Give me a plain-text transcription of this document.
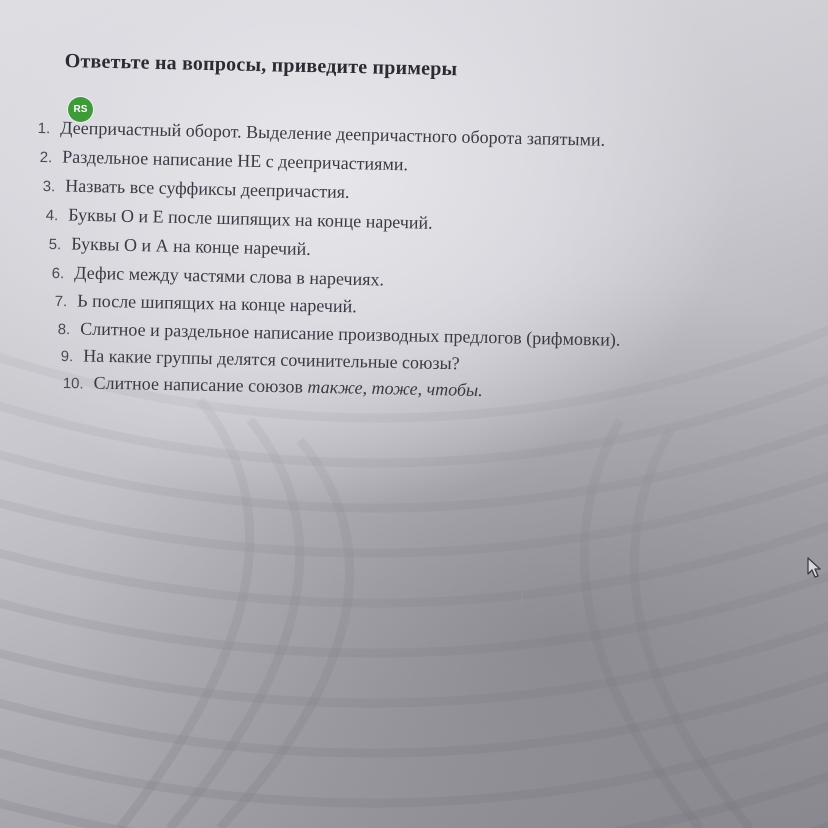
Ответьте на вопросы, приведите примеры
RS
1. Деепричастный оборот. Выделение деепричастного оборота запятыми.
2. Раздельное написание НЕ с деепричастиями.
3. Назвать все суффиксы деепричастия.
4. Буквы О и Е после шипящих на конце наречий.
5. Буквы О и А на конце наречий.
6. Дефис между частями слова в наречиях.
7. Ь после шипящих на конце наречий.
8. Слитное и раздельное написание производных предлогов (рифмовки).
9. На какие группы делятся сочинительные союзы?
10. Слитное написание союзов также, тоже, чтобы.
